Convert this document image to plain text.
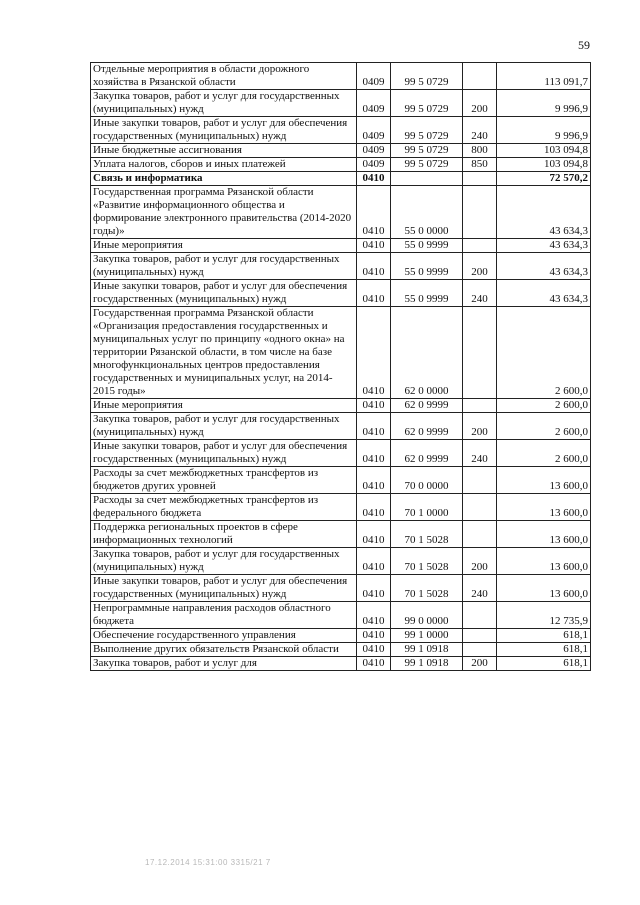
59
Отдельные мероприятия в области дорожного хозяйства в Рязанской области	0409	99 5 0729		113 091,7
Закупка товаров, работ и услуг для государственных (муниципальных) нужд	0409	99 5 0729	200	9 996,9
Иные закупки товаров, работ и услуг для обеспечения государственных (муниципальных) нужд	0409	99 5 0729	240	9 996,9
Иные бюджетные ассигнования	0409	99 5 0729	800	103 094,8
Уплата налогов, сборов и иных платежей	0409	99 5 0729	850	103 094,8
Связь и информатика	0410			72 570,2
Государственная программа Рязанской области «Развитие информационного общества и формирование электронного правительства (2014-2020 годы)»	0410	55 0 0000		43 634,3
Иные мероприятия	0410	55 0 9999		43 634,3
Закупка товаров, работ и услуг для государственных (муниципальных) нужд	0410	55 0 9999	200	43 634,3
Иные закупки товаров, работ и услуг для обеспечения государственных (муниципальных) нужд	0410	55 0 9999	240	43 634,3
Государственная программа Рязанской области «Организация предоставления государственных и муниципальных услуг по принципу «одного окна» на территории Рязанской области, в том числе на базе многофункциональных центров предоставления государственных и муниципальных услуг, на 2014-2015 годы»	0410	62 0 0000		2 600,0
Иные мероприятия	0410	62 0 9999		2 600,0
Закупка товаров, работ и услуг для государственных (муниципальных) нужд	0410	62 0 9999	200	2 600,0
Иные закупки товаров, работ и услуг для обеспечения государственных (муниципальных) нужд	0410	62 0 9999	240	2 600,0
Расходы за счет межбюджетных трансфертов из бюджетов других уровней	0410	70 0 0000		13 600,0
Расходы за счет межбюджетных трансфертов из федерального бюджета	0410	70 1 0000		13 600,0
Поддержка региональных проектов в сфере информационных технологий	0410	70 1 5028		13 600,0
Закупка товаров, работ и услуг для государственных (муниципальных) нужд	0410	70 1 5028	200	13 600,0
Иные закупки товаров, работ и услуг для обеспечения государственных (муниципальных) нужд	0410	70 1 5028	240	13 600,0
Непрограммные направления расходов областного бюджета	0410	99 0 0000		12 735,9
Обеспечение государственного управления	0410	99 1 0000		618,1
Выполнение других обязательств Рязанской области	0410	99 1 0918		618,1
Закупка товаров, работ и услуг для	0410	99 1 0918	200	618,1
17.12.2014 15:31:00 3315/21 7
